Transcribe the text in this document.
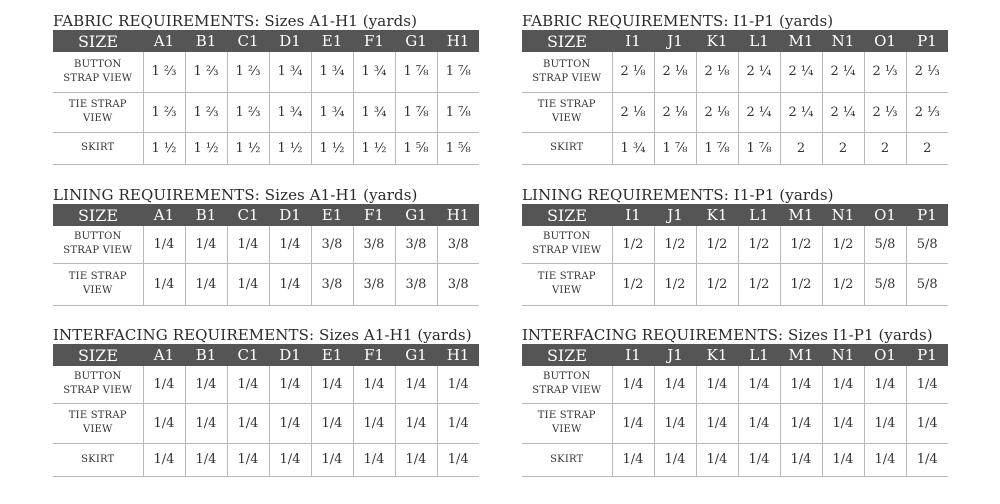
FABRIC REQUIREMENTS: Sizes A1-H1 (yards)
SIZE	A1	B1	C1	D1	E1	F1	G1	H1

BUTTON
STRAP VIEW	1 ⅔	1 ⅔	1 ⅔	1 ¾	1 ¾	1 ¾	1 ⅞	1 ⅞

TIE STRAP
VIEW	1 ⅔	1 ⅔	1 ⅔	1 ¾	1 ¾	1 ¾	1 ⅞	1 ⅞

SKIRT	1 ½	1 ½	1 ½	1 ½	1 ½	1 ½	1 ⅝	1 ⅝
FABRIC REQUIREMENTS: I1-P1 (yards)
SIZE	I1	J1	K1	L1	M1	N1	O1	P1

BUTTON
STRAP VIEW	2 ⅛	2 ⅛	2 ⅛	2 ¼	2 ¼	2 ¼	2 ⅓	2 ⅓

TIE STRAP
VIEW	2 ⅛	2 ⅛	2 ⅛	2 ¼	2 ¼	2 ¼	2 ⅓	2 ⅓

SKIRT	1 ¾	1 ⅞	1 ⅞	1 ⅞	2	2	2	2
LINING REQUIREMENTS: Sizes A1-H1 (yards)
SIZE	A1	B1	C1	D1	E1	F1	G1	H1

BUTTON
STRAP VIEW	1/4	1/4	1/4	1/4	3/8	3/8	3/8	3/8

TIE STRAP
VIEW	1/4	1/4	1/4	1/4	3/8	3/8	3/8	3/8
LINING REQUIREMENTS: I1-P1 (yards)
SIZE	I1	J1	K1	L1	M1	N1	O1	P1

BUTTON
STRAP VIEW	1/2	1/2	1/2	1/2	1/2	1/2	5/8	5/8

TIE STRAP
VIEW	1/2	1/2	1/2	1/2	1/2	1/2	5/8	5/8
INTERFACING REQUIREMENTS: Sizes A1-H1 (yards)
SIZE	A1	B1	C1	D1	E1	F1	G1	H1

BUTTON
STRAP VIEW	1/4	1/4	1/4	1/4	1/4	1/4	1/4	1/4

TIE STRAP
VIEW	1/4	1/4	1/4	1/4	1/4	1/4	1/4	1/4

SKIRT	1/4	1/4	1/4	1/4	1/4	1/4	1/4	1/4
INTERFACING REQUIREMENTS: Sizes I1-P1 (yards)
SIZE	I1	J1	K1	L1	M1	N1	O1	P1

BUTTON
STRAP VIEW	1/4	1/4	1/4	1/4	1/4	1/4	1/4	1/4

TIE STRAP
VIEW	1/4	1/4	1/4	1/4	1/4	1/4	1/4	1/4

SKIRT	1/4	1/4	1/4	1/4	1/4	1/4	1/4	1/4
